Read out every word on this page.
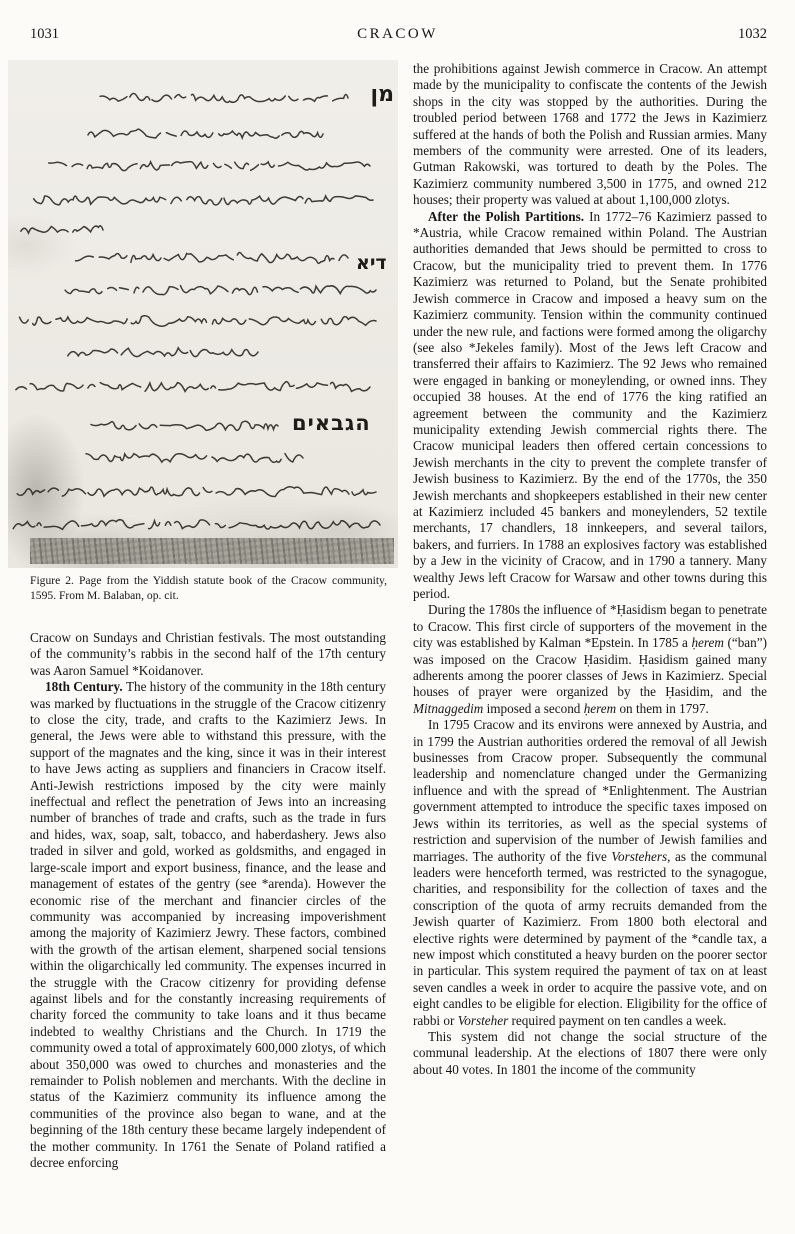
1031	1032
CRACOW
מן
דיא
הגבאים
Figure 2. Page from the Yiddish statute book of the Cracow community, 1595. From M. Balaban, op. cit.

Cracow on Sundays and Christian festivals. The most outstanding of the community’s rabbis in the second half of the 17th century was Aaron Samuel *Koidanover.

18th Century. The history of the community in the 18th century was marked by fluctuations in the struggle of the Cracow citizenry to close the city, trade, and crafts to the Kazimierz Jews. In general, the Jews were able to withstand this pressure, with the support of the magnates and the king, since it was in their interest to have Jews acting as suppliers and financiers in Cracow itself. Anti-Jewish restrictions imposed by the city were mainly ineffectual and reflect the penetration of Jews into an increasing number of branches of trade and crafts, such as the trade in furs and hides, wax, soap, salt, tobacco, and haberdashery. Jews also traded in silver and gold, worked as goldsmiths, and engaged in large-scale import and export business, finance, and the lease and management of estates of the gentry (see *arenda). However the economic rise of the merchant and financier circles of the community was accompanied by increasing impoverishment among the majority of Kazimierz Jewry. These factors, combined with the growth of the artisan element, sharpened social tensions within the oligarchically led community. The expenses incurred in the struggle with the Cracow citizenry for providing defense against libels and for the constantly increasing requirements of charity forced the community to take loans and it thus became indebted to wealthy Christians and the Church. In 1719 the community owed a total of approximately 600,000 zlotys, of which about 350,000 was owed to churches and monasteries and the remainder to Polish noblemen and merchants. With the decline in status of the Kazimierz community its influence among the communities of the province also began to wane, and at the beginning of the 18th century these became largely independent of the mother community. In 1761 the Senate of Poland ratified a decree enforcing

the prohibitions against Jewish commerce in Cracow. An attempt made by the municipality to confiscate the contents of the Jewish shops in the city was stopped by the authorities. During the troubled period between 1768 and 1772 the Jews in Kazimierz suffered at the hands of both the Polish and Russian armies. Many members of the community were arrested. One of its leaders, Gutman Rakowski, was tortured to death by the Poles. The Kazimierz community numbered 3,500 in 1775, and owned 212 houses; their property was valued at about 1,100,000 zlotys.

After the Polish Partitions. In 1772–76 Kazimierz passed to *Austria, while Cracow remained within Poland. The Austrian authorities demanded that Jews should be permitted to cross to Cracow, but the municipality tried to prevent them. In 1776 Kazimierz was returned to Poland, but the Senate prohibited Jewish commerce in Cracow and imposed a heavy sum on the Kazimierz community. Tension within the community continued under the new rule, and factions were formed among the oligarchy (see also *Jekeles family). Most of the Jews left Cracow and transferred their affairs to Kazimierz. The 92 Jews who remained were engaged in banking or moneylending, or owned inns. They occupied 38 houses. At the end of 1776 the king ratified an agreement between the community and the Kazimierz municipality extending Jewish commercial rights there. The Cracow municipal leaders then offered certain concessions to Jewish merchants in the city to prevent the complete transfer of Jewish business to Kazimierz. By the end of the 1770s, the 350 Jewish merchants and shopkeepers established in their new center at Kazimierz included 45 bankers and moneylenders, 52 textile merchants, 17 chandlers, 18 innkeepers, and several tailors, bakers, and furriers. In 1788 an explosives factory was established by a Jew in the vicinity of Cracow, and in 1790 a tannery. Many wealthy Jews left Cracow for Warsaw and other towns during this period.

During the 1780s the influence of *Ḥasidism began to penetrate to Cracow. This first circle of supporters of the movement in the city was established by Kalman *Epstein. In 1785 a ḥerem (“ban”) was imposed on the Cracow Ḥasidim. Ḥasidism gained many adherents among the poorer classes of Jews in Kazimierz. Special houses of prayer were organized by the Ḥasidim, and the Mitnaggedim imposed a second ḥerem on them in 1797.

In 1795 Cracow and its environs were annexed by Austria, and in 1799 the Austrian authorities ordered the removal of all Jewish businesses from Cracow proper. Subsequently the communal leadership and nomenclature changed under the Germanizing influence and with the spread of *Enlightenment. The Austrian government attempted to introduce the specific taxes imposed on Jews within its territories, as well as the special systems of restriction and supervision of the number of Jewish families and marriages. The authority of the five Vorstehers, as the communal leaders were henceforth termed, was restricted to the synagogue, charities, and responsibility for the collection of taxes and the conscription of the quota of army recruits demanded from the Jewish quarter of Kazimierz. From 1800 both electoral and elective rights were determined by payment of the *candle tax, a new impost which constituted a heavy burden on the poorer sector in particular. This system required the payment of tax on at least seven candles a week in order to acquire the passive vote, and on eight candles to be eligible for election. Eligibility for the office of rabbi or Vorsteher required payment on ten candles a week.

This system did not change the social structure of the communal leadership. At the elections of 1807 there were only about 40 votes. In 1801 the income of the community
